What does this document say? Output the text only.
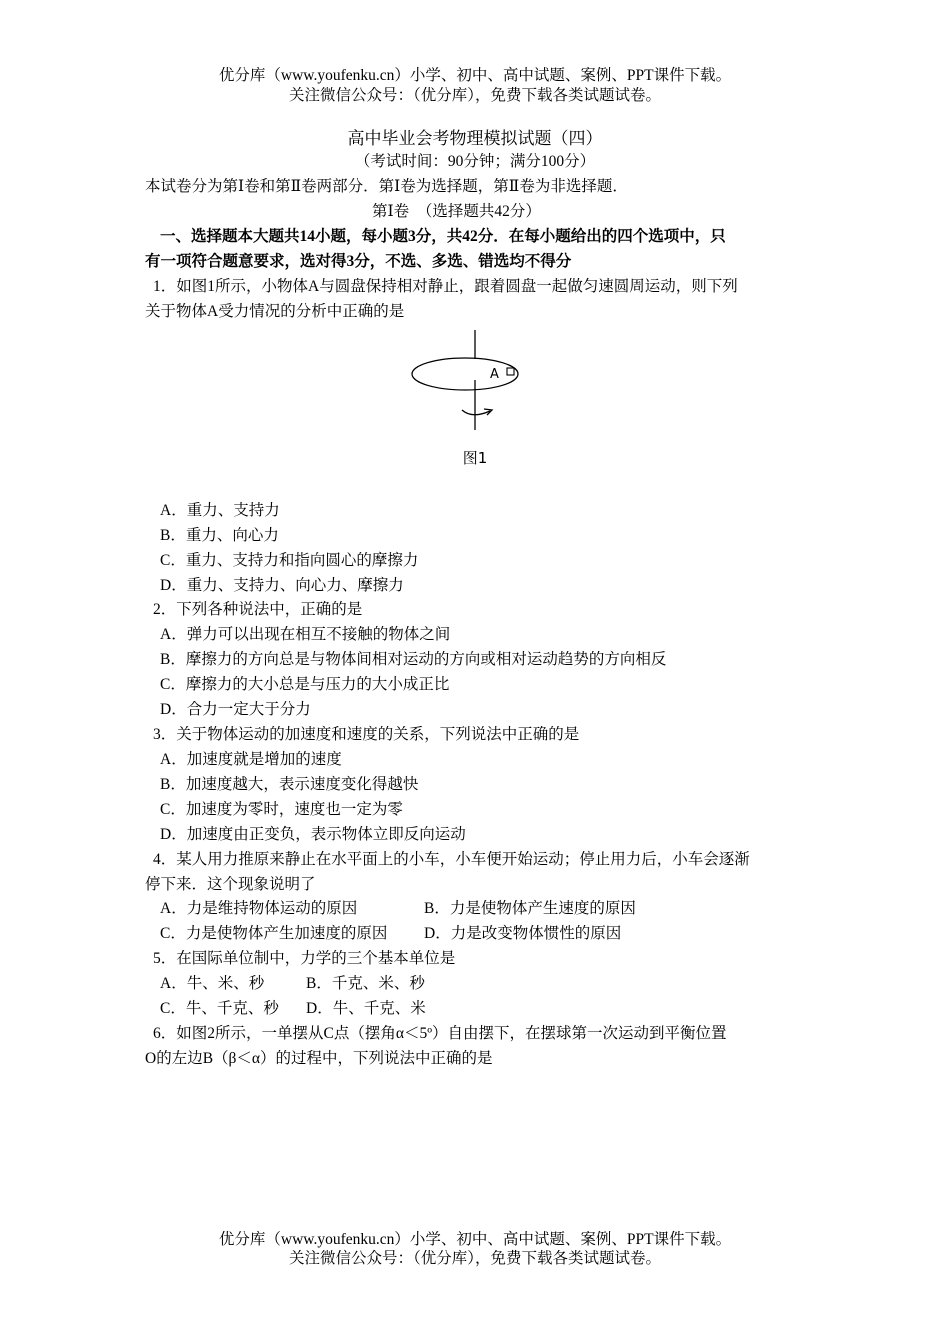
优分库（www.youfenku.cn）小学、初中、高中试题、案例、PPT课件下载。
关注微信公众号：（优分库），免费下载各类试题试卷。
高中毕业会考物理模拟试题（四）
（考试时间：90分钟；满分100分）
本试卷分为第Ⅰ卷和第Ⅱ卷两部分．第Ⅰ卷为选择题，第Ⅱ卷为非选择题．
第Ⅰ卷　（选择题共42分）
一、选择题本大题共14小题，每小题3分，共42分．在每小题给出的四个选项中，只
有一项符合题意要求，选对得3分，不选、多选、错选均不得分
1．如图1所示，小物体A与圆盘保持相对静止，跟着圆盘一起做匀速圆周运动，则下列
关于物体A受力情况的分析中正确的是
A
图1
A．重力、支持力
B．重力、向心力
C．重力、支持力和指向圆心的摩擦力
D．重力、支持力、向心力、摩擦力
2．下列各种说法中，正确的是
A．弹力可以出现在相互不接触的物体之间
B．摩擦力的方向总是与物体间相对运动的方向或相对运动趋势的方向相反
C．摩擦力的大小总是与压力的大小成正比
D．合力一定大于分力
3．关于物体运动的加速度和速度的关系，下列说法中正确的是
A．加速度就是增加的速度
B．加速度越大，表示速度变化得越快
C．加速度为零时，速度也一定为零
D．加速度由正变负，表示物体立即反向运动
4．某人用力推原来静止在水平面上的小车，小车便开始运动；停止用力后，小车会逐渐
停下来．这个现象说明了
A．力是维持物体运动的原因	B．力是使物体产生速度的原因
C．力是使物体产生加速度的原因 D．力是改变物体惯性的原因
5．在国际单位制中，力学的三个基本单位是
A．牛、米、秒	B．千克、米、秒
C．牛、千克、秒 D．牛、千克、米
6．如图2所示，一单摆从C点（摆角α＜5º）自由摆下，在摆球第一次运动到平衡位置
O的左边B（β＜α）的过程中，下列说法中正确的是
优分库（www.youfenku.cn）小学、初中、高中试题、案例、PPT课件下载。
关注微信公众号：（优分库），免费下载各类试题试卷。
